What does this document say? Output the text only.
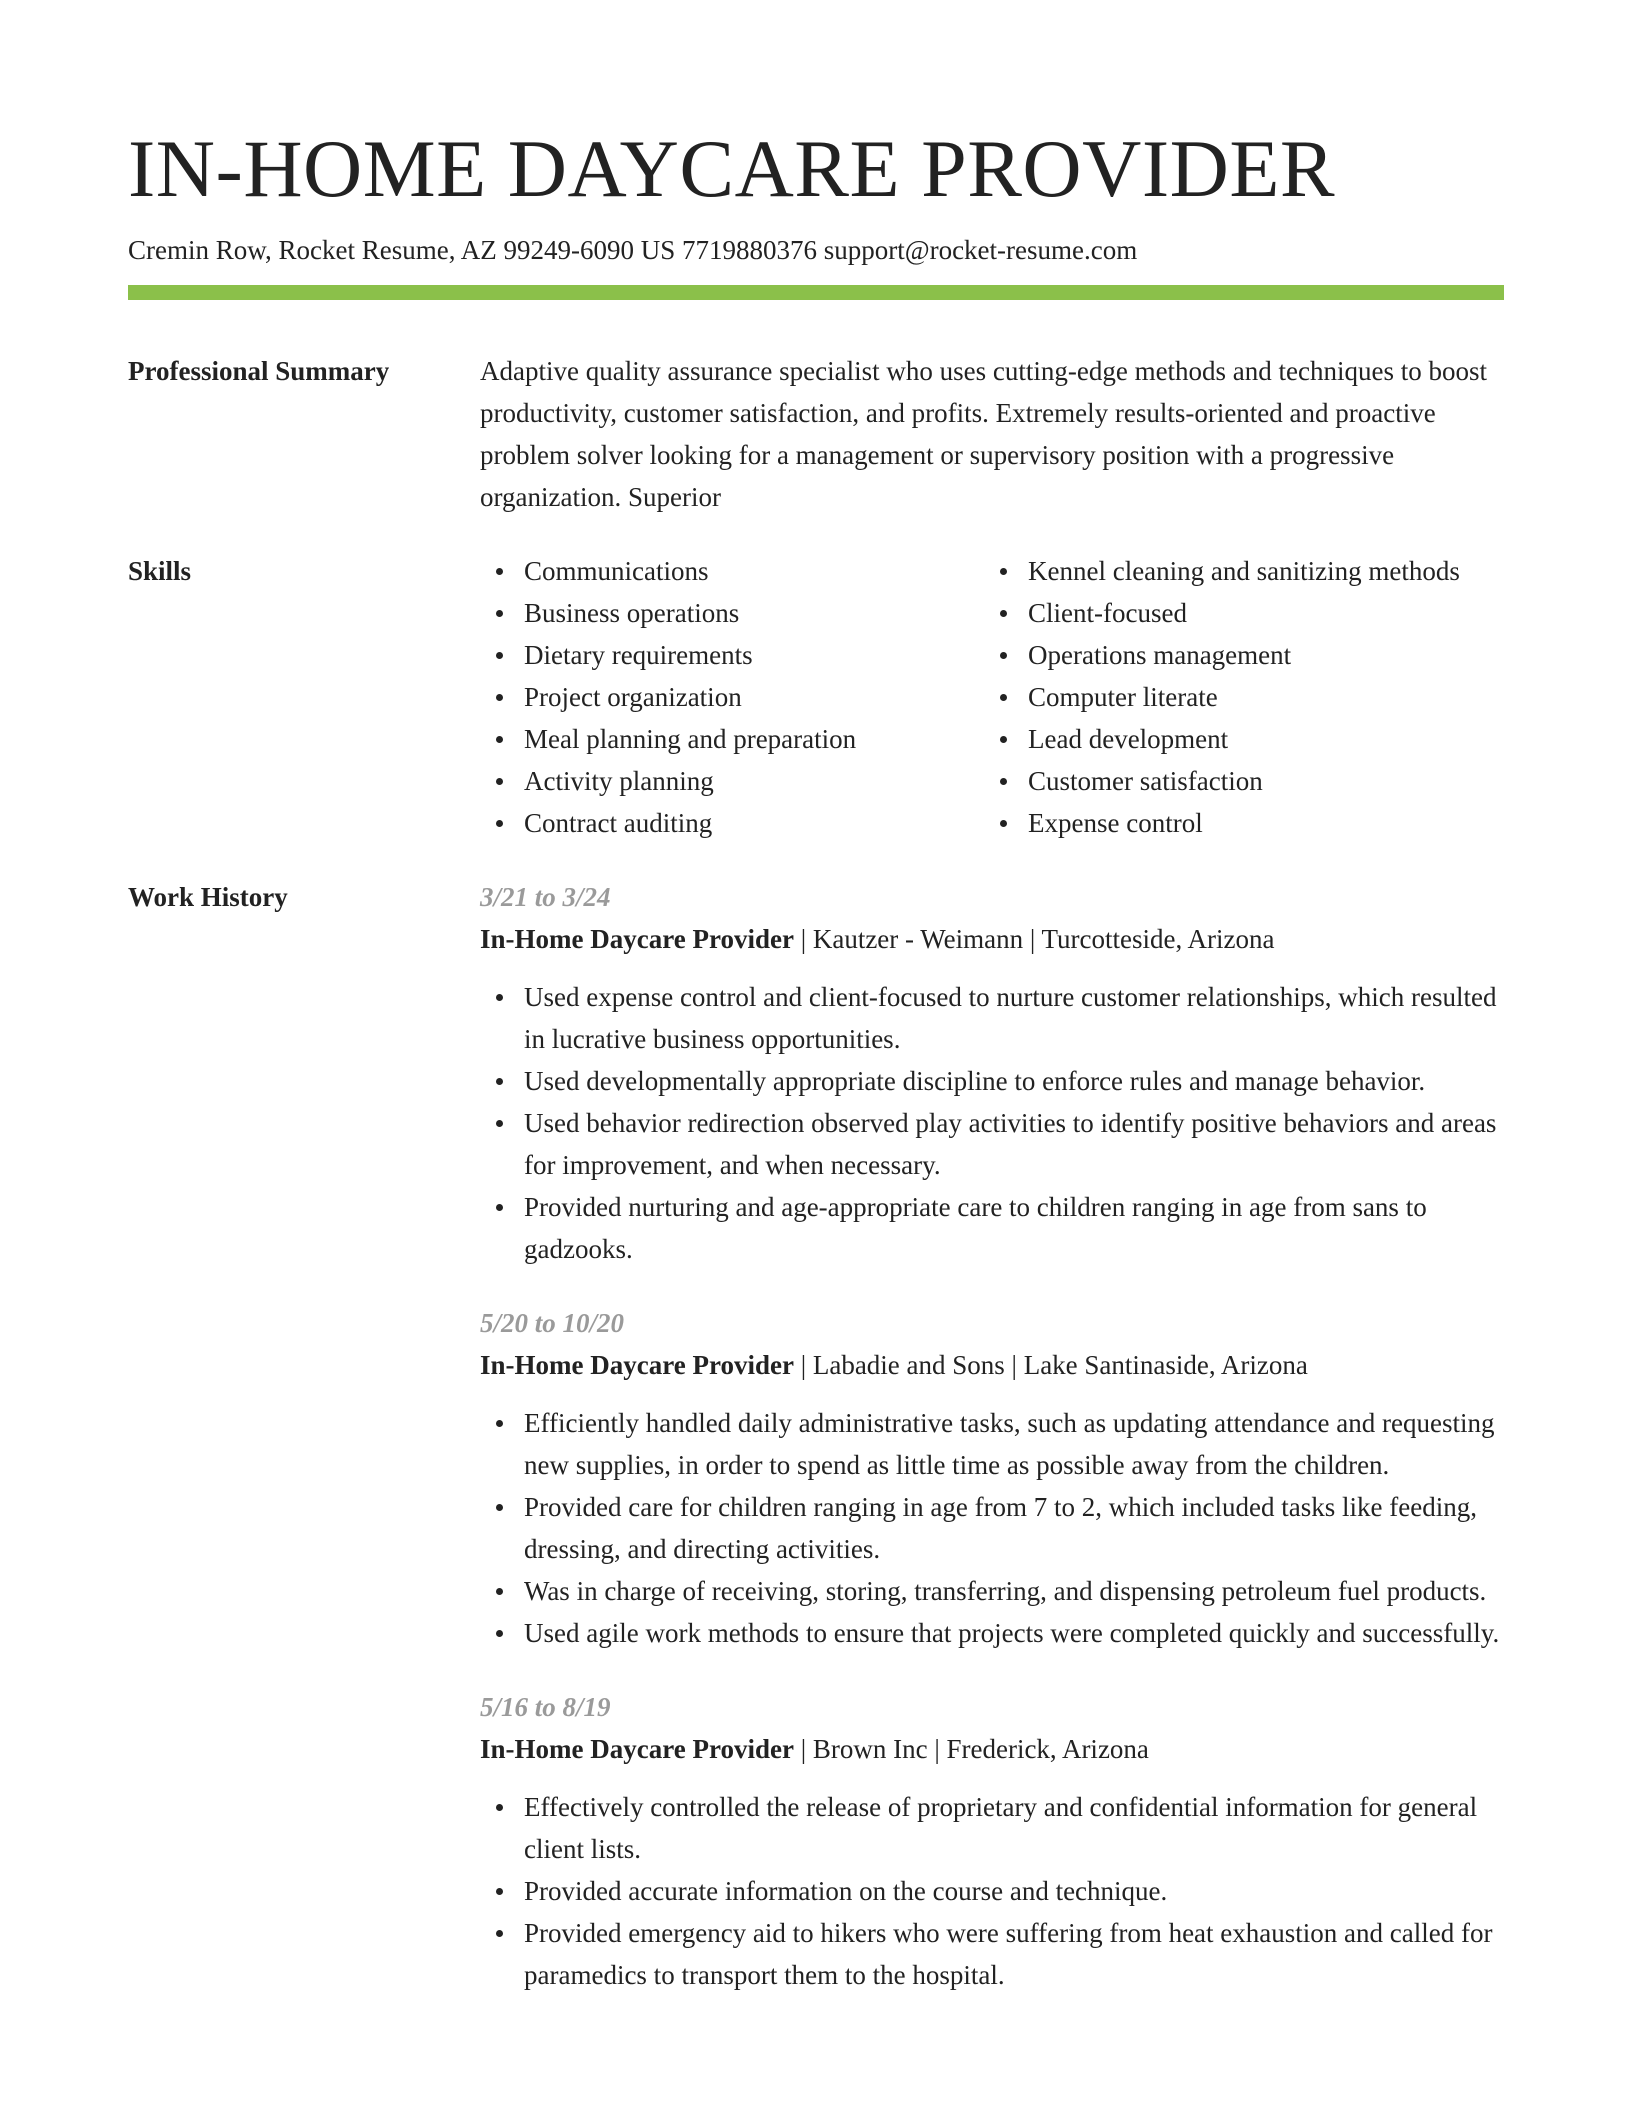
IN-HOME DAYCARE PROVIDER
Cremin Row, Rocket Resume, AZ 99249-6090 US 7719880376 support@rocket-resume.com
Professional Summary	Adaptive quality assurance specialist who uses cutting-edge methods and techniques to boost productivity, customer satisfaction, and profits. Extremely results-oriented and proactive problem solver looking for a management or supervisory position with a progressive organization. Superior
Skills	Communications
Business operations
Dietary requirements
Project organization
Meal planning and preparation
Activity planning
Contract auditing
Kennel cleaning and sanitizing methods
Client-focused
Operations management
Computer literate
Lead development
Customer satisfaction
Expense control
Work History	3/21 to 3/24
In-Home Daycare Provider | Kautzer - Weimann | Turcotteside, Arizona
Used expense control and client-focused to nurture customer relationships, which resulted in lucrative business opportunities.
Used developmentally appropriate discipline to enforce rules and manage behavior.
Used behavior redirection observed play activities to identify positive behaviors and areas for improvement, and when necessary.
Provided nurturing and age-appropriate care to children ranging in age from sans to gadzooks.
5/20 to 10/20
In-Home Daycare Provider | Labadie and Sons | Lake Santinaside, Arizona
Efficiently handled daily administrative tasks, such as updating attendance and requesting new supplies, in order to spend as little time as possible away from the children.
Provided care for children ranging in age from 7 to 2, which included tasks like feeding, dressing, and directing activities.
Was in charge of receiving, storing, transferring, and dispensing petroleum fuel products.
Used agile work methods to ensure that projects were completed quickly and successfully.
5/16 to 8/19
In-Home Daycare Provider | Brown Inc | Frederick, Arizona
Effectively controlled the release of proprietary and confidential information for general client lists.
Provided accurate information on the course and technique.
Provided emergency aid to hikers who were suffering from heat exhaustion and called for paramedics to transport them to the hospital.
